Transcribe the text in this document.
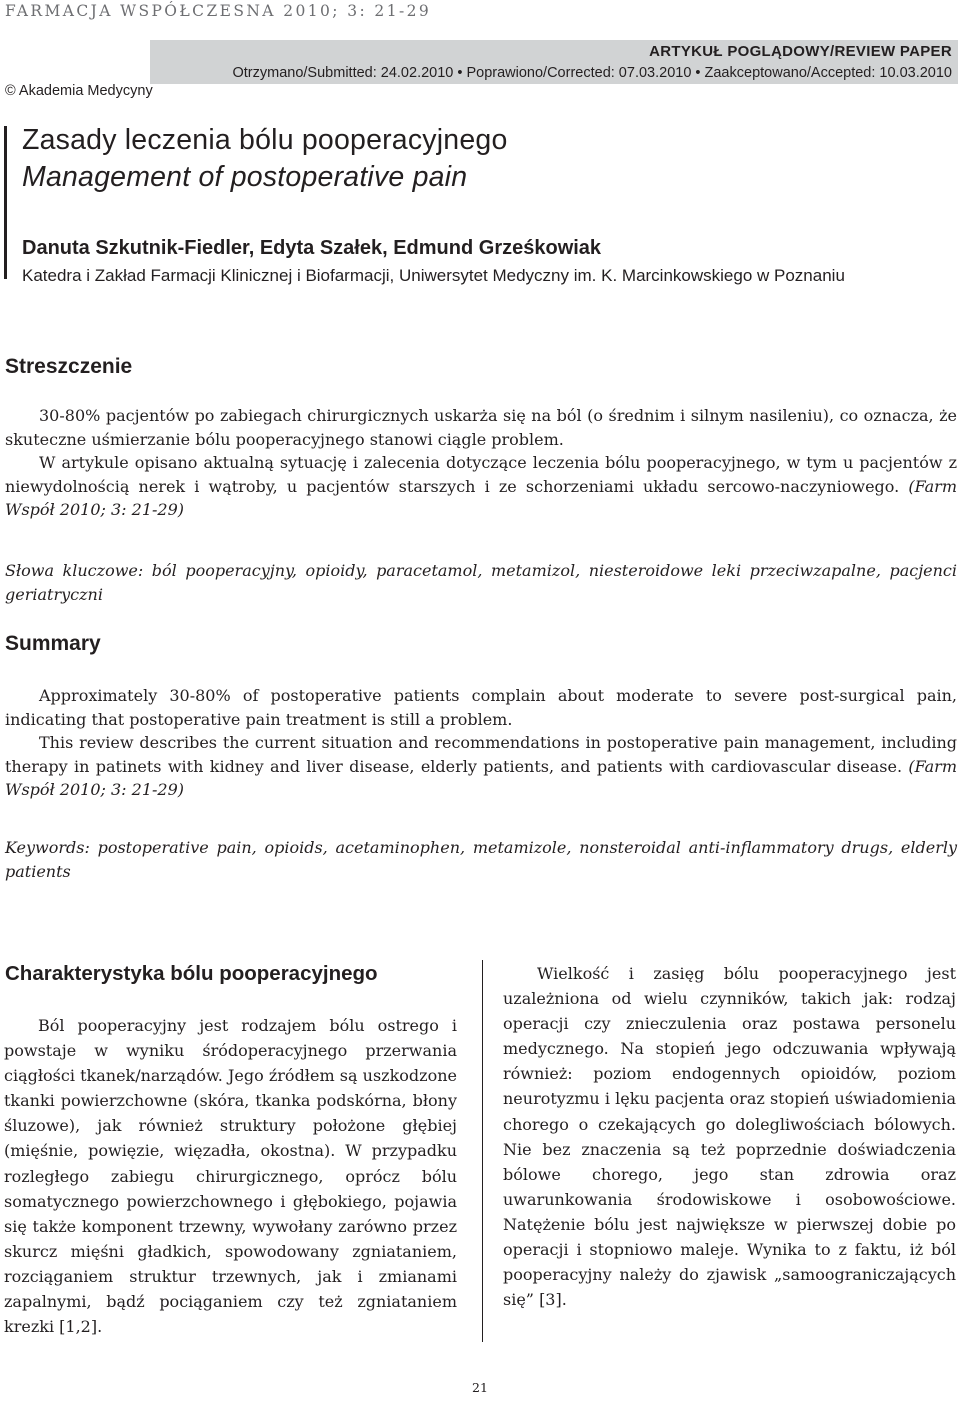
FARMACJA WSPÓŁCZESNA 2010; 3: 21-29
ARTYKUŁ POGLĄDOWY/REVIEW PAPER
Otrzymano/Submitted: 24.02.2010 • Poprawiono/Corrected: 07.03.2010 • Zaakceptowano/Accepted: 10.03.2010
© Akademia Medycyny
Zasady leczenia bólu pooperacyjnego
Management of postoperative pain
Danuta Szkutnik-Fiedler, Edyta Szałek, Edmund Grześkowiak
Katedra i Zakład Farmacji Klinicznej i Biofarmacji, Uniwersytet Medyczny im. K. Marcinkowskiego w Poznaniu
Streszczenie

30-80% pacjentów po zabiegach chirurgicznych uskarża się na ból (o średnim i silnym nasileniu), co oznacza, że skuteczne uśmierzanie bólu pooperacyjnego stanowi ciągle problem.

W artykule opisano aktualną sytuację i zalecenia dotyczące leczenia bólu pooperacyjnego, w tym u pacjentów z niewydolnością nerek i wątroby, u pacjentów starszych i ze schorzeniami układu sercowo-naczyniowego. (Farm Współ 2010; 3: 21-29)

Słowa kluczowe: ból pooperacyjny, opioidy, paracetamol, metamizol, niesteroidowe leki przeciwzapalne, pacjenci geriatryczni
Summary

Approximately 30-80% of postoperative patients complain about moderate to severe post-surgical pain, indicating that postoperative pain treatment is still a problem.

This review describes the current situation and recommendations in postoperative pain management, including therapy in patinets with kidney and liver disease, elderly patients, and patients with cardiovascular disease. (Farm Współ 2010; 3: 21-29)

Keywords: postoperative pain, opioids, acetaminophen, metamizole, nonsteroidal anti-inflammatory drugs, elderly patients
Charakterystyka bólu pooperacyjnego

Ból pooperacyjny jest rodzajem bólu ostrego i powstaje w wyniku śródoperacyjnego przerwania ciągłości tkanek/narządów. Jego źródłem są uszkodzone tkanki powierzchowne (skóra, tkanka podskórna, błony śluzowe), jak również struktury położone głębiej (mięśnie, powięzie, więzadła, okostna). W przypadku rozległego zabiegu chirurgicznego, oprócz bólu somatycznego powierzchownego i głębokiego, pojawia się także komponent trzewny, wywołany zarówno przez skurcz mięśni gładkich, spowodowany zgniataniem, rozciąganiem struktur trzewnych, jak i zmianami zapalnymi, bądź pociąganiem czy też zgniataniem krezki [1,2].

Wielkość i zasięg bólu pooperacyjnego jest uzależniona od wielu czynników, takich jak: rodzaj operacji czy znieczulenia oraz postawa personelu medycznego. Na stopień jego odczuwania wpływają również: poziom endogennych opioidów, poziom neurotyzmu i lęku pacjenta oraz stopień uświadomienia chorego o czekających go dolegliwościach bólowych. Nie bez znaczenia są też poprzednie doświadczenia bólowe chorego, jego stan zdrowia oraz uwarunkowania środowiskowe i osobowościowe. Natężenie bólu jest największe w pierwszej dobie po operacji i stopniowo maleje. Wynika to z faktu, iż ból pooperacyjny należy do zjawisk „samoograniczających się” [3].

21
